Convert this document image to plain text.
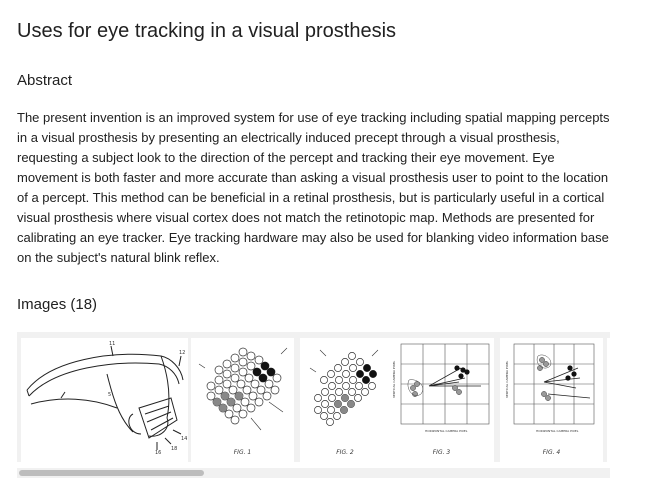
Uses for eye tracking in a visual prosthesis
Abstract

The present invention is an improved system for use of eye tracking including spatial mapping percepts in a visual prosthesis by presenting an electrically induced precept through a visual prosthesis, requesting a subject look to the direction of the percept and tracking their eye movement. Eye movement is both faster and more accurate than asking a visual prosthesis user to point to the location of a percept. This method can be beneficial in a retinal prosthesis, but is particularly useful in a cortical visual prosthesis where visual cortex does not match the retinotopic map. Methods are presented for calibrating an eye tracker. Eye tracking hardware may also be used for blanking video information base on the subject's natural blink reflex.

Images (18)
11
12
14
16
18
5
FIG. 1	FIG. 2
HORIZONTAL CAMERA PIXEL
VERTICAL CAMERA PIXEL
FIG. 3
HORIZONTAL CAMERA PIXEL
VERTICAL CAMERA PIXEL
FIG. 4
